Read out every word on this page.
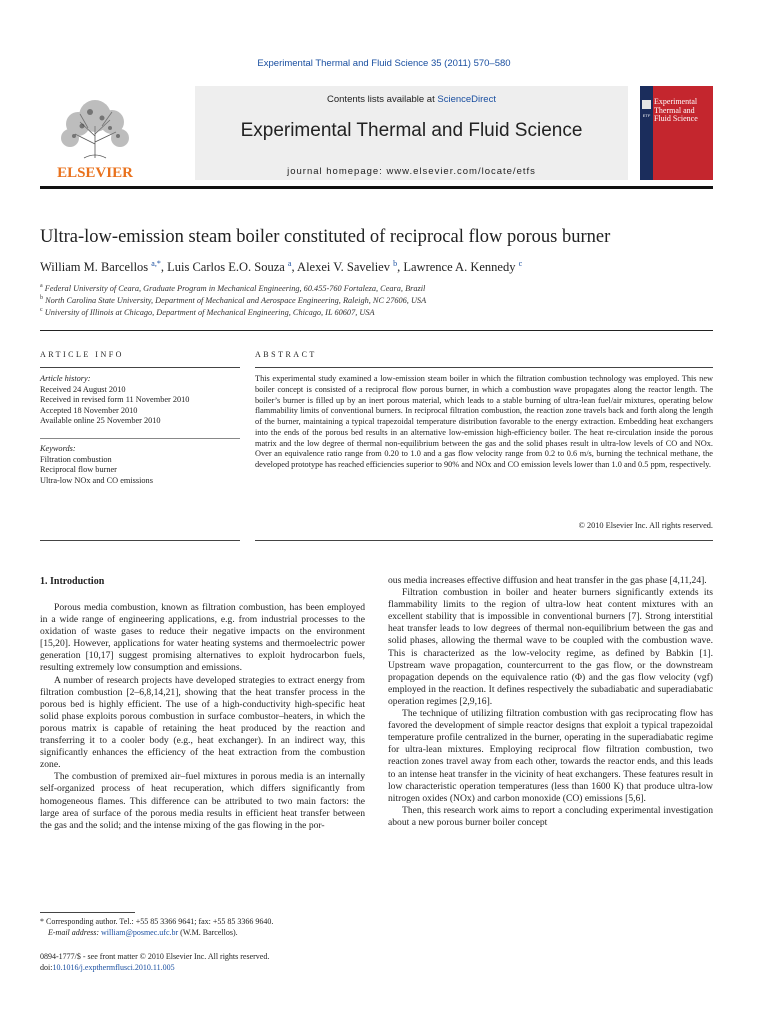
Experimental Thermal and Fluid Science 35 (2011) 570–580
ELSEVIER
Contents lists available at ScienceDirect
Experimental Thermal and Fluid Science
journal homepage: www.elsevier.com/locate/etfs
ETF
Experimental Thermal and Fluid Science
Ultra-low-emission steam boiler constituted of reciprocal flow porous burner
William M. Barcellos $^{a,*}$, Luis Carlos E.O. Souza $^a$, Alexei V. Saveliev $^b$, Lawrence A. Kennedy $^c$
$^a$ Federal University of Ceara, Graduate Program in Mechanical Engineering, 60.455-760 Fortaleza, Ceara, Brazil
$^b$ North Carolina State University, Department of Mechanical and Aerospace Engineering, Raleigh, NC 27606, USA
$^c$ University of Illinois at Chicago, Department of Mechanical Engineering, Chicago, IL 60607, USA
ARTICLE INFO
Article history:
Received 24 August 2010
Received in revised form 11 November 2010
Accepted 18 November 2010
Available online 25 November 2010
Keywords:
Filtration combustion
Reciprocal flow burner
Ultra-low NOx and CO emissions
ABSTRACT
This experimental study examined a low-emission steam boiler in which the filtration combustion technology was employed. This new boiler concept is consisted of a reciprocal flow porous burner, in which a combustion wave propagates along the reactor length. The boiler’s burner is filled up by an inert porous material, which leads to a stable burning of ultra-lean fuel/air mixtures, operating below flammability limits of conventional burners. In reciprocal filtration combustion, the reaction zone travels back and forth along the length of the burner, maintaining a typical trapezoidal temperature distribution favorable to the energy extraction. Embedding heat exchangers into the ends of the porous bed results in an alternative low-emission high-efficiency boiler. The heat re-circulation inside the porous matrix and the low degree of thermal non-equilibrium between the gas and the solid phases result in ultra-low levels of CO and NOx. Over an equivalence ratio range from 0.20 to 1.0 and a gas flow velocity range from 0.2 to 0.6 m/s, burning the technical methane, the developed prototype has reached efficiencies superior to 90% and NOx and CO emission levels lower than 1.0 and 0.5 ppm, respectively.
© 2010 Elsevier Inc. All rights reserved.
1. Introduction

Porous media combustion, known as filtration combustion, has been employed in a wide range of engineering applications, e.g. from industrial processes to the oxidation of waste gases to reduce their negative impacts on the environment [15,20]. However, applications for water heating systems and thermoelectric power generation [10,17] suggest promising alternatives to exploit hydrocarbon fuels, resulting extremely low consumption and emissions.

A number of research projects have developed strategies to extract energy from filtration combustion [2–6,8,14,21], showing that the heat transfer process in the porous bed is highly efficient. The use of a high-conductivity high-specific heat solid phase exploits porous combustion in surface combustor–heaters, in which the porous matrix is capable of retaining the heat produced by the reaction and transferring it to a cooler body (e.g., heat exchanger). In an indirect way, this significantly enhances the efficiency of the heat extraction from the combustion zone.

The combustion of premixed air–fuel mixtures in porous media is an internally self-organized process of heat recuperation, which differs significantly from homogeneous flames. This difference can be attributed to two main factors: the large area of surface of the porous media results in efficient heat transfer between the gas and the solid; and the intense mixing of the gas flowing in the por-

ous media increases effective diffusion and heat transfer in the gas phase [4,11,24].

Filtration combustion in boiler and heater burners significantly extends its flammability limits to the region of ultra-low heat content mixtures with an excellent stability that is impossible in conventional burners [7]. Strong interstitial heat transfer leads to low degrees of thermal non-equilibrium between the gas and solid phases, allowing the thermal wave to be coupled with the combustion wave. This is characterized as the low-velocity regime, as defined by Babkin [1]. Upstream wave propagation, countercurrent to the gas flow, or the downstream propagation depends on the equivalence ratio (Φ) and the gas flow velocity (vgf) employed in the reaction. It defines respectively the subadiabatic and superadiabatic operation regimes [2,9,16].

The technique of utilizing filtration combustion with gas reciprocating flow has favored the development of simple reactor designs that exploit a typical trapezoidal temperature profile centralized in the burner, operating in the superadiabatic regime for ultra-lean mixtures. Employing reciprocal flow filtration combustion, two reaction zones travel away from each other, towards the reactor ends, and this leads to an intense heat transfer in the vicinity of heat exchangers. These features result in low characteristic operation temperatures (less than 1600 K) that produce ultra-low nitrogen oxides (NOx) and carbon monoxide (CO) emissions [5,6].

Then, this research work aims to report a concluding experimental investigation about a new porous burner boiler concept

* Corresponding author. Tel.: +55 85 3366 9641; fax: +55 85 3366 9640.
E-mail address: william@posmec.ufc.br (W.M. Barcellos).
0894-1777/$ - see front matter © 2010 Elsevier Inc. All rights reserved.
doi:10.1016/j.expthermflusci.2010.11.005
